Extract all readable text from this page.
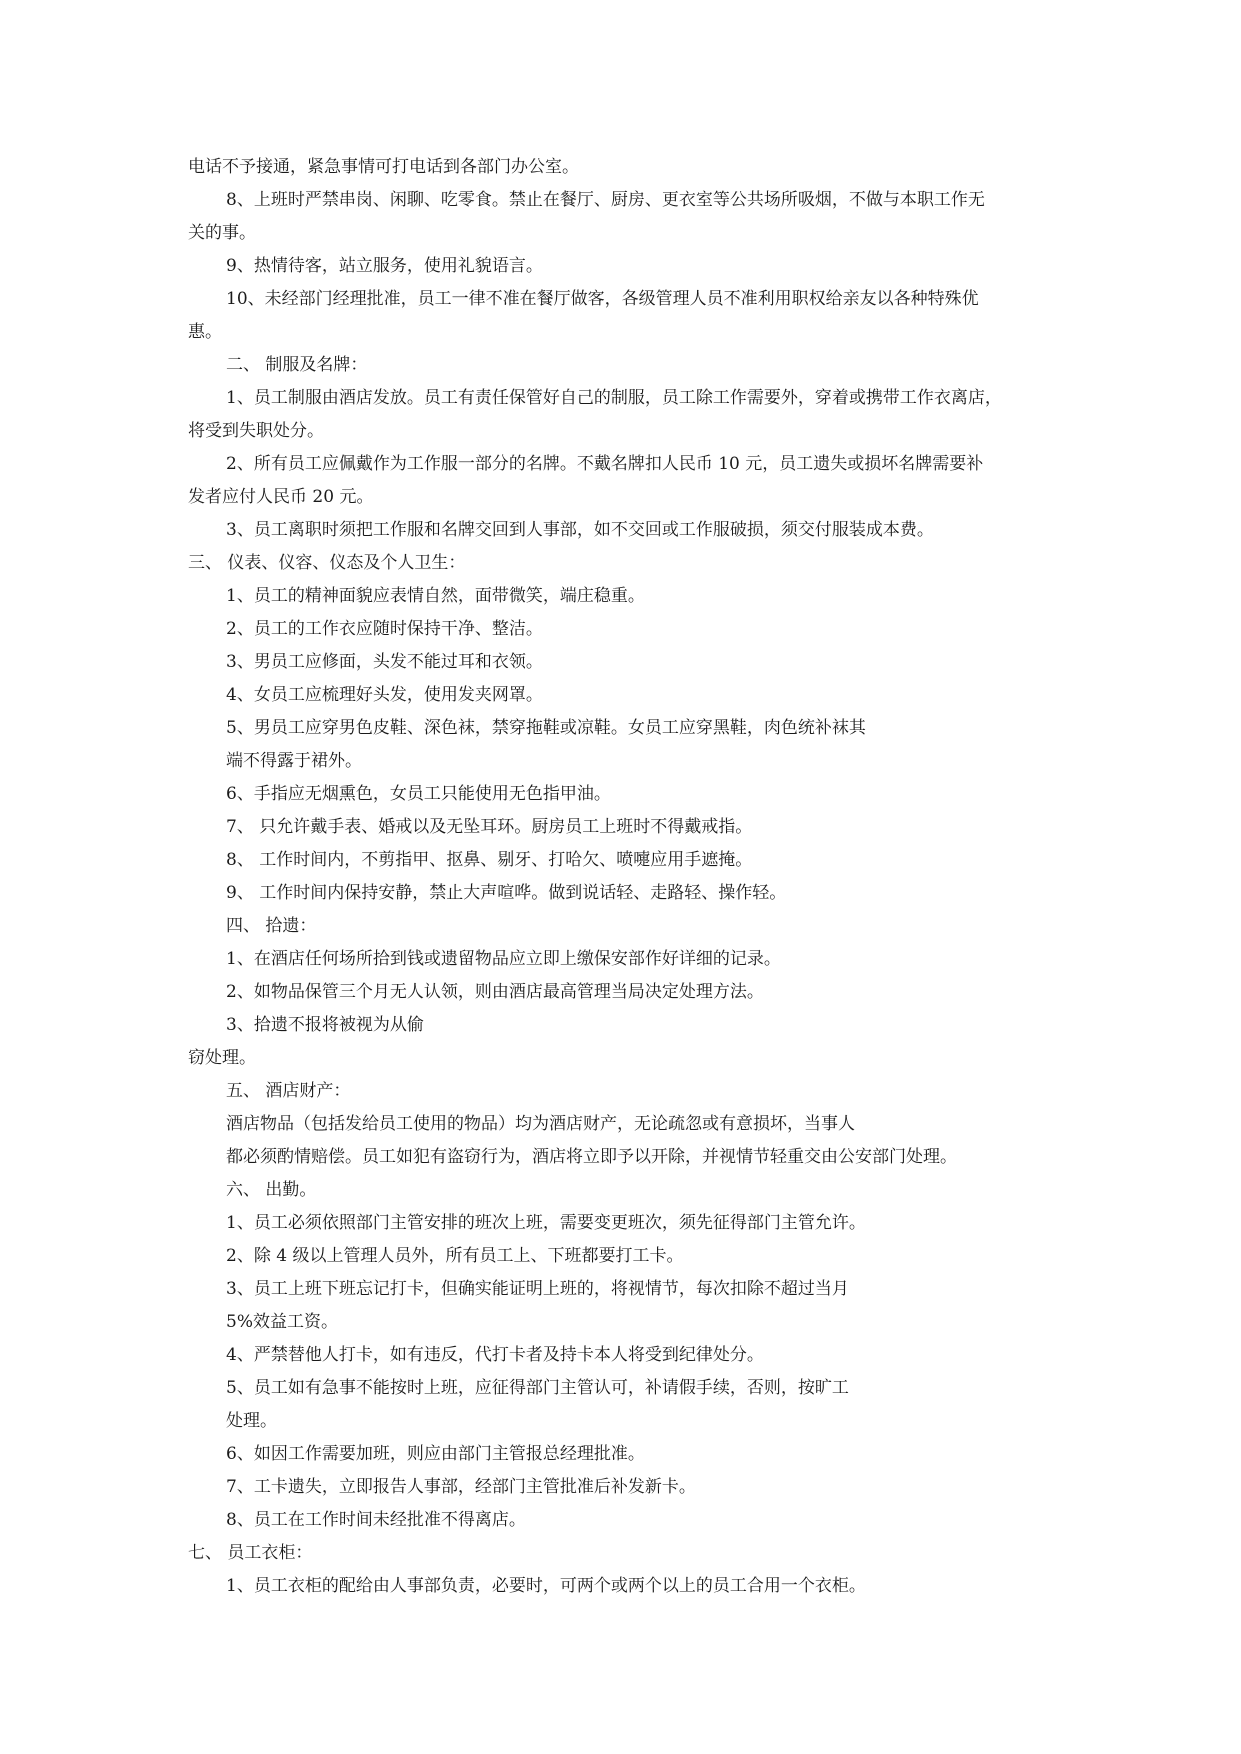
电话不予接通，紧急事情可打电话到各部门办公室。
8、上班时严禁串岗、闲聊、吃零食。禁止在餐厅、厨房、更衣室等公共场所吸烟，不做与本职工作无
关的事。
9、热情待客，站立服务，使用礼貌语言。
10、未经部门经理批准，员工一律不准在餐厅做客，各级管理人员不准利用职权给亲友以各种特殊优
惠。
二、 制服及名牌：
1、员工制服由酒店发放。员工有责任保管好自己的制服，员工除工作需要外，穿着或携带工作衣离店，
将受到失职处分。
2、所有员工应佩戴作为工作服一部分的名牌。不戴名牌扣人民币 10 元，员工遗失或损坏名牌需要补
发者应付人民币 20 元。
3、员工离职时须把工作服和名牌交回到人事部，如不交回或工作服破损，须交付服装成本费。
三、 仪表、仪容、仪态及个人卫生：
1、员工的精神面貌应表情自然，面带微笑，端庄稳重。
2、员工的工作衣应随时保持干净、整洁。
3、男员工应修面，头发不能过耳和衣领。
4、女员工应梳理好头发，使用发夹网罩。
5、男员工应穿男色皮鞋、深色袜，禁穿拖鞋或凉鞋。女员工应穿黑鞋，肉色统补袜其
端不得露于裙外。
6、手指应无烟熏色，女员工只能使用无色指甲油。
7、 只允许戴手表、婚戒以及无坠耳环。厨房员工上班时不得戴戒指。
8、 工作时间内，不剪指甲、抠鼻、剔牙、打哈欠、喷嚏应用手遮掩。
9、 工作时间内保持安静，禁止大声喧哗。做到说话轻、走路轻、操作轻。
四、 拾遗：
1、在酒店任何场所拾到钱或遗留物品应立即上缴保安部作好详细的记录。
2、如物品保管三个月无人认领，则由酒店最高管理当局决定处理方法。
3、拾遗不报将被视为从偷
窃处理。
五、 酒店财产：
酒店物品（包括发给员工使用的物品）均为酒店财产，无论疏忽或有意损坏，当事人
都必须酌情赔偿。员工如犯有盗窃行为，酒店将立即予以开除，并视情节轻重交由公安部门处理。
六、 出勤。
1、员工必须依照部门主管安排的班次上班，需要变更班次，须先征得部门主管允许。
2、除 4 级以上管理人员外，所有员工上、下班都要打工卡。
3、员工上班下班忘记打卡，但确实能证明上班的，将视情节，每次扣除不超过当月
5%效益工资。
4、严禁替他人打卡，如有违反，代打卡者及持卡本人将受到纪律处分。
5、员工如有急事不能按时上班，应征得部门主管认可，补请假手续，否则，按旷工
处理。
6、如因工作需要加班，则应由部门主管报总经理批准。
7、工卡遗失，立即报告人事部，经部门主管批准后补发新卡。
8、员工在工作时间未经批准不得离店。
七、 员工衣柜：
1、员工衣柜的配给由人事部负责，必要时，可两个或两个以上的员工合用一个衣柜。
